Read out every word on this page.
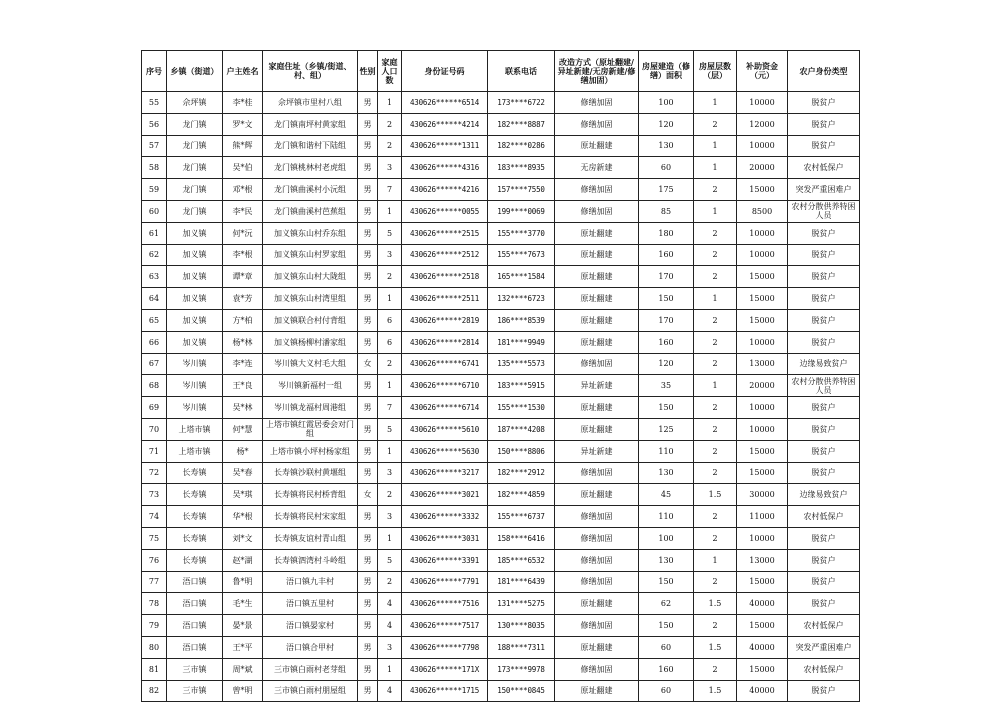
序号	乡镇（街道）	户主姓名	家庭住址（乡镇/街道、村、组）	性别	家庭人口数	身份证号码	联系电话	改造方式（原址翻建/异址新建/无房新建/修缮加固）	房屋建造（修缮）面积	房屋层数（层）	补助资金（元）	农户身份类型
55	佘坪镇	李*桂	佘坪镇市里村八组	男	1	430626******6514	173****6722	修缮加固	100	1	10000	脱贫户
56	龙门镇	罗*文	龙门镇南坪村黄家组	男	2	430626******4214	182****8887	修缮加固	120	2	12000	脱贫户
57	龙门镇	熊*辉	龙门镇和谐村下陆组	男	2	430626******1311	182****0286	原址翻建	130	1	10000	脱贫户
58	龙门镇	吴*伯	龙门镇桃林村老虎组	男	3	430626******4316	183****8935	无房新建	60	1	20000	农村低保户
59	龙门镇	邓*根	龙门镇曲溪村小沅组	男	7	430626******4216	157****7550	修缮加固	175	2	15000	突发严重困难户
60	龙门镇	李*民	龙门镇曲溪村芭蕉组	男	1	430626******0055	199****0069	修缮加固	85	1	8500	农村分散供养特困人员
61	加义镇	何*沅	加义镇东山村乔东组	男	5	430626******2515	155****3770	原址翻建	180	2	10000	脱贫户
62	加义镇	李*根	加义镇东山村罗家组	男	3	430626******2512	155****7673	原址翻建	160	2	10000	脱贫户
63	加义镇	谭*章	加义镇东山村大陇组	男	2	430626******2518	165****1584	原址翻建	170	2	15000	脱贫户
64	加义镇	袁*芳	加义镇东山村湾里组	男	1	430626******2511	132****6723	原址翻建	150	1	15000	脱贫户
65	加义镇	方*柏	加义镇联合村付背组	男	6	430626******2819	186****8539	原址翻建	170	2	15000	脱贫户
66	加义镇	杨*林	加义镇杨柳村潘家组	男	6	430626******2814	181****9949	原址翻建	160	2	10000	脱贫户
67	岑川镇	李*连	岑川镇大义村毛大组	女	2	430626******6741	135****5573	修缮加固	120	2	13000	边缘易致贫户
68	岑川镇	王*良	岑川镇新福村一组	男	1	430626******6710	183****5915	异址新建	35	1	20000	农村分散供养特困人员
69	岑川镇	吴*林	岑川镇龙福村周港组	男	7	430626******6714	155****1530	原址翻建	150	2	10000	脱贫户
70	上塔市镇	何*慧	上塔市镇红霞居委会对门组	男	5	430626******5610	187****4208	原址翻建	125	2	10000	脱贫户
71	上塔市镇	杨*	上塔市镇小坪村杨家组	男	1	430626******5630	150****8806	异址新建	110	2	15000	脱贫户
72	长寿镇	吴*春	长寿镇沙联村黄堰组	男	3	430626******3217	182****2912	修缮加固	130	2	15000	脱贫户
73	长寿镇	吴*琪	长寿镇将民村桥背组	女	2	430626******3021	182****4859	原址翻建	45	1.5	30000	边缘易致贫户
74	长寿镇	华*根	长寿镇将民村宋家组	男	3	430626******3332	155****6737	修缮加固	110	2	11000	农村低保户
75	长寿镇	刘*文	长寿镇友谊村青山组	男	1	430626******3031	158****6416	修缮加固	100	2	10000	脱贫户
76	长寿镇	赵*湖	长寿镇泗湾村斗岭组	男	5	430626******3391	185****6532	修缮加固	130	1	13000	脱贫户
77	浯口镇	鲁*明	浯口镇九丰村	男	2	430626******7791	181****6439	修缮加固	150	2	15000	脱贫户
78	浯口镇	毛*生	浯口镇五里村	男	4	430626******7516	131****5275	原址翻建	62	1.5	40000	脱贫户
79	浯口镇	晏*景	浯口镇晏家村	男	4	430626******7517	130****8035	修缮加固	150	2	15000	农村低保户
80	浯口镇	王*平	浯口镇合甲村	男	3	430626******7798	188****7311	原址翻建	60	1.5	40000	突发严重困难户
81	三市镇	周*斌	三市镇白雨村老芽组	男	1	430626******171X	173****9978	修缮加固	160	2	15000	农村低保户
82	三市镇	曾*明	三市镇白雨村朋屋组	男	4	430626******1715	150****0845	原址翻建	60	1.5	40000	脱贫户
